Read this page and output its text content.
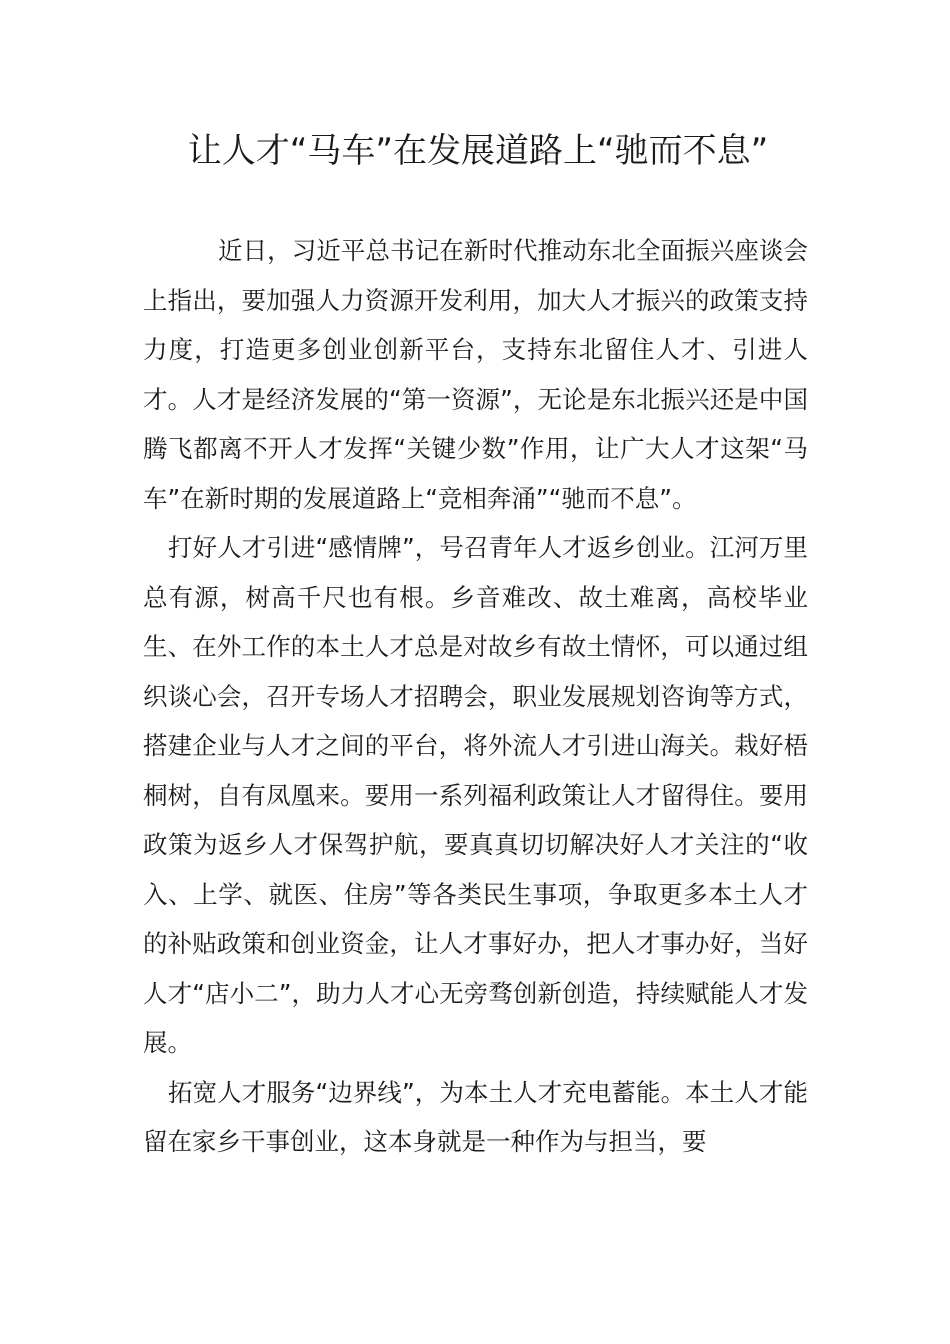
让人才“马车”在发展道路上“驰而不息”

近日，习近平总书记在新时代推动东北全面振兴座谈会上指出，要加强人力资源开发利用，加大人才振兴的政策支持力度，打造更多创业创新平台，支持东北留住人才、引进人才。人才是经济发展的“第一资源”，无论是东北振兴还是中国腾飞都离不开人才发挥“关键少数”作用，让广大人才这架“马车”在新时期的发展道路上“竞相奔涌”“驰而不息”。

打好人才引进“感情牌”，号召青年人才返乡创业。江河万里总有源，树高千尺也有根。乡音难改、故土难离，高校毕业生、在外工作的本土人才总是对故乡有故土情怀，可以通过组织谈心会，召开专场人才招聘会，职业发展规划咨询等方式，搭建企业与人才之间的平台，将外流人才引进山海关。栽好梧桐树，自有凤凰来。要用一系列福利政策让人才留得住。要用政策为返乡人才保驾护航，要真真切切解决好人才关注的“收入、上学、就医、住房”等各类民生事项，争取更多本土人才的补贴政策和创业资金，让人才事好办，把人才事办好，当好人才“店小二”，助力人才心无旁骛创新创造，持续赋能人才发展。

拓宽人才服务“边界线”，为本土人才充电蓄能。本土人才能留在家乡干事创业，这本身就是一种作为与担当，要
